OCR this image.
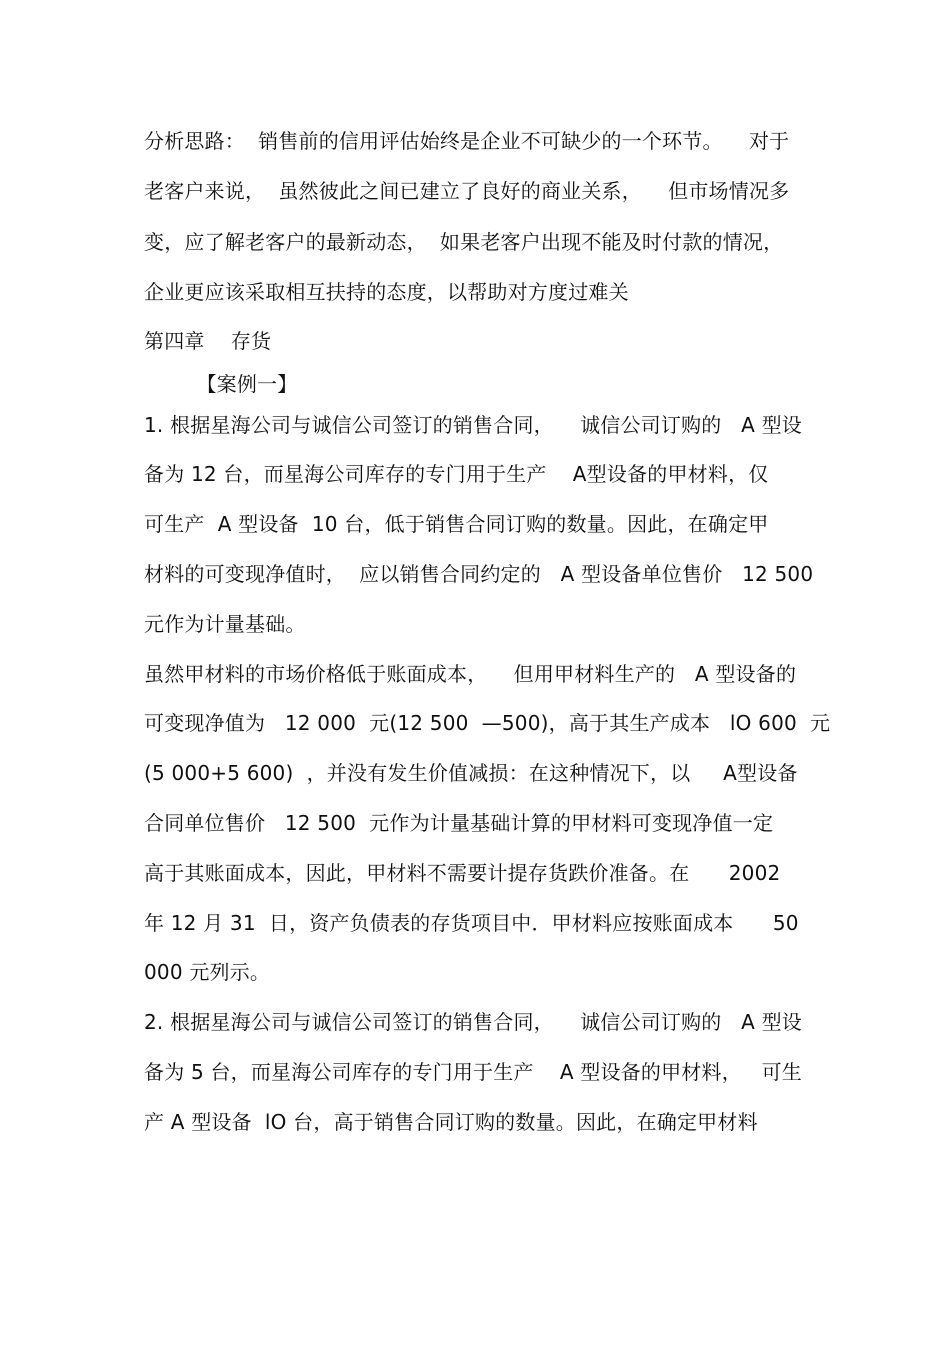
分析思路：  销售前的信用评估始终是企业不可缺少的一个环节。    对于
老客户来说，  虽然彼此之间已建立了良好的商业关系，    但市场情况多
变，应了解老客户的最新动态，  如果老客户出现不能及时付款的情况，
企业更应该采取相互扶持的态度，以帮助对方度过难关
第四章    存货
【案例一】
1. 根据星海公司与诚信公司签订的销售合同，    诚信公司订购的   A 型设
备为 12 台，而星海公司库存的专门用于生产    A型设备的甲材料，仅
可生产  A 型设备  10 台，低于销售合同订购的数量。因此，在确定甲
材料的可变现净值时，  应以销售合同约定的   A 型设备单位售价   12 500
元作为计量基础。
虽然甲材料的市场价格低于账面成本，    但用甲材料生产的   A 型设备的
可变现净值为   12 000  元(12 500  —500)，高于其生产成本   lO 600  元
(5 000+5 600)  ，并没有发生价值减损：在这种情况下，以     A型设备
合同单位售价   12 500  元作为计量基础计算的甲材料可变现净值一定
高于其账面成本，因此，甲材料不需要计提存货跌价准备。在      2002
年 12 月 31  日，资产负债表的存货项目中．甲材料应按账面成本      50
000 元列示。
2. 根据星海公司与诚信公司签订的销售合同，    诚信公司订购的   A 型设
备为 5 台，而星海公司库存的专门用于生产    A 型设备的甲材料，   可生
产 A 型设备  lO 台，高于销售合同订购的数量。因此，在确定甲材料
